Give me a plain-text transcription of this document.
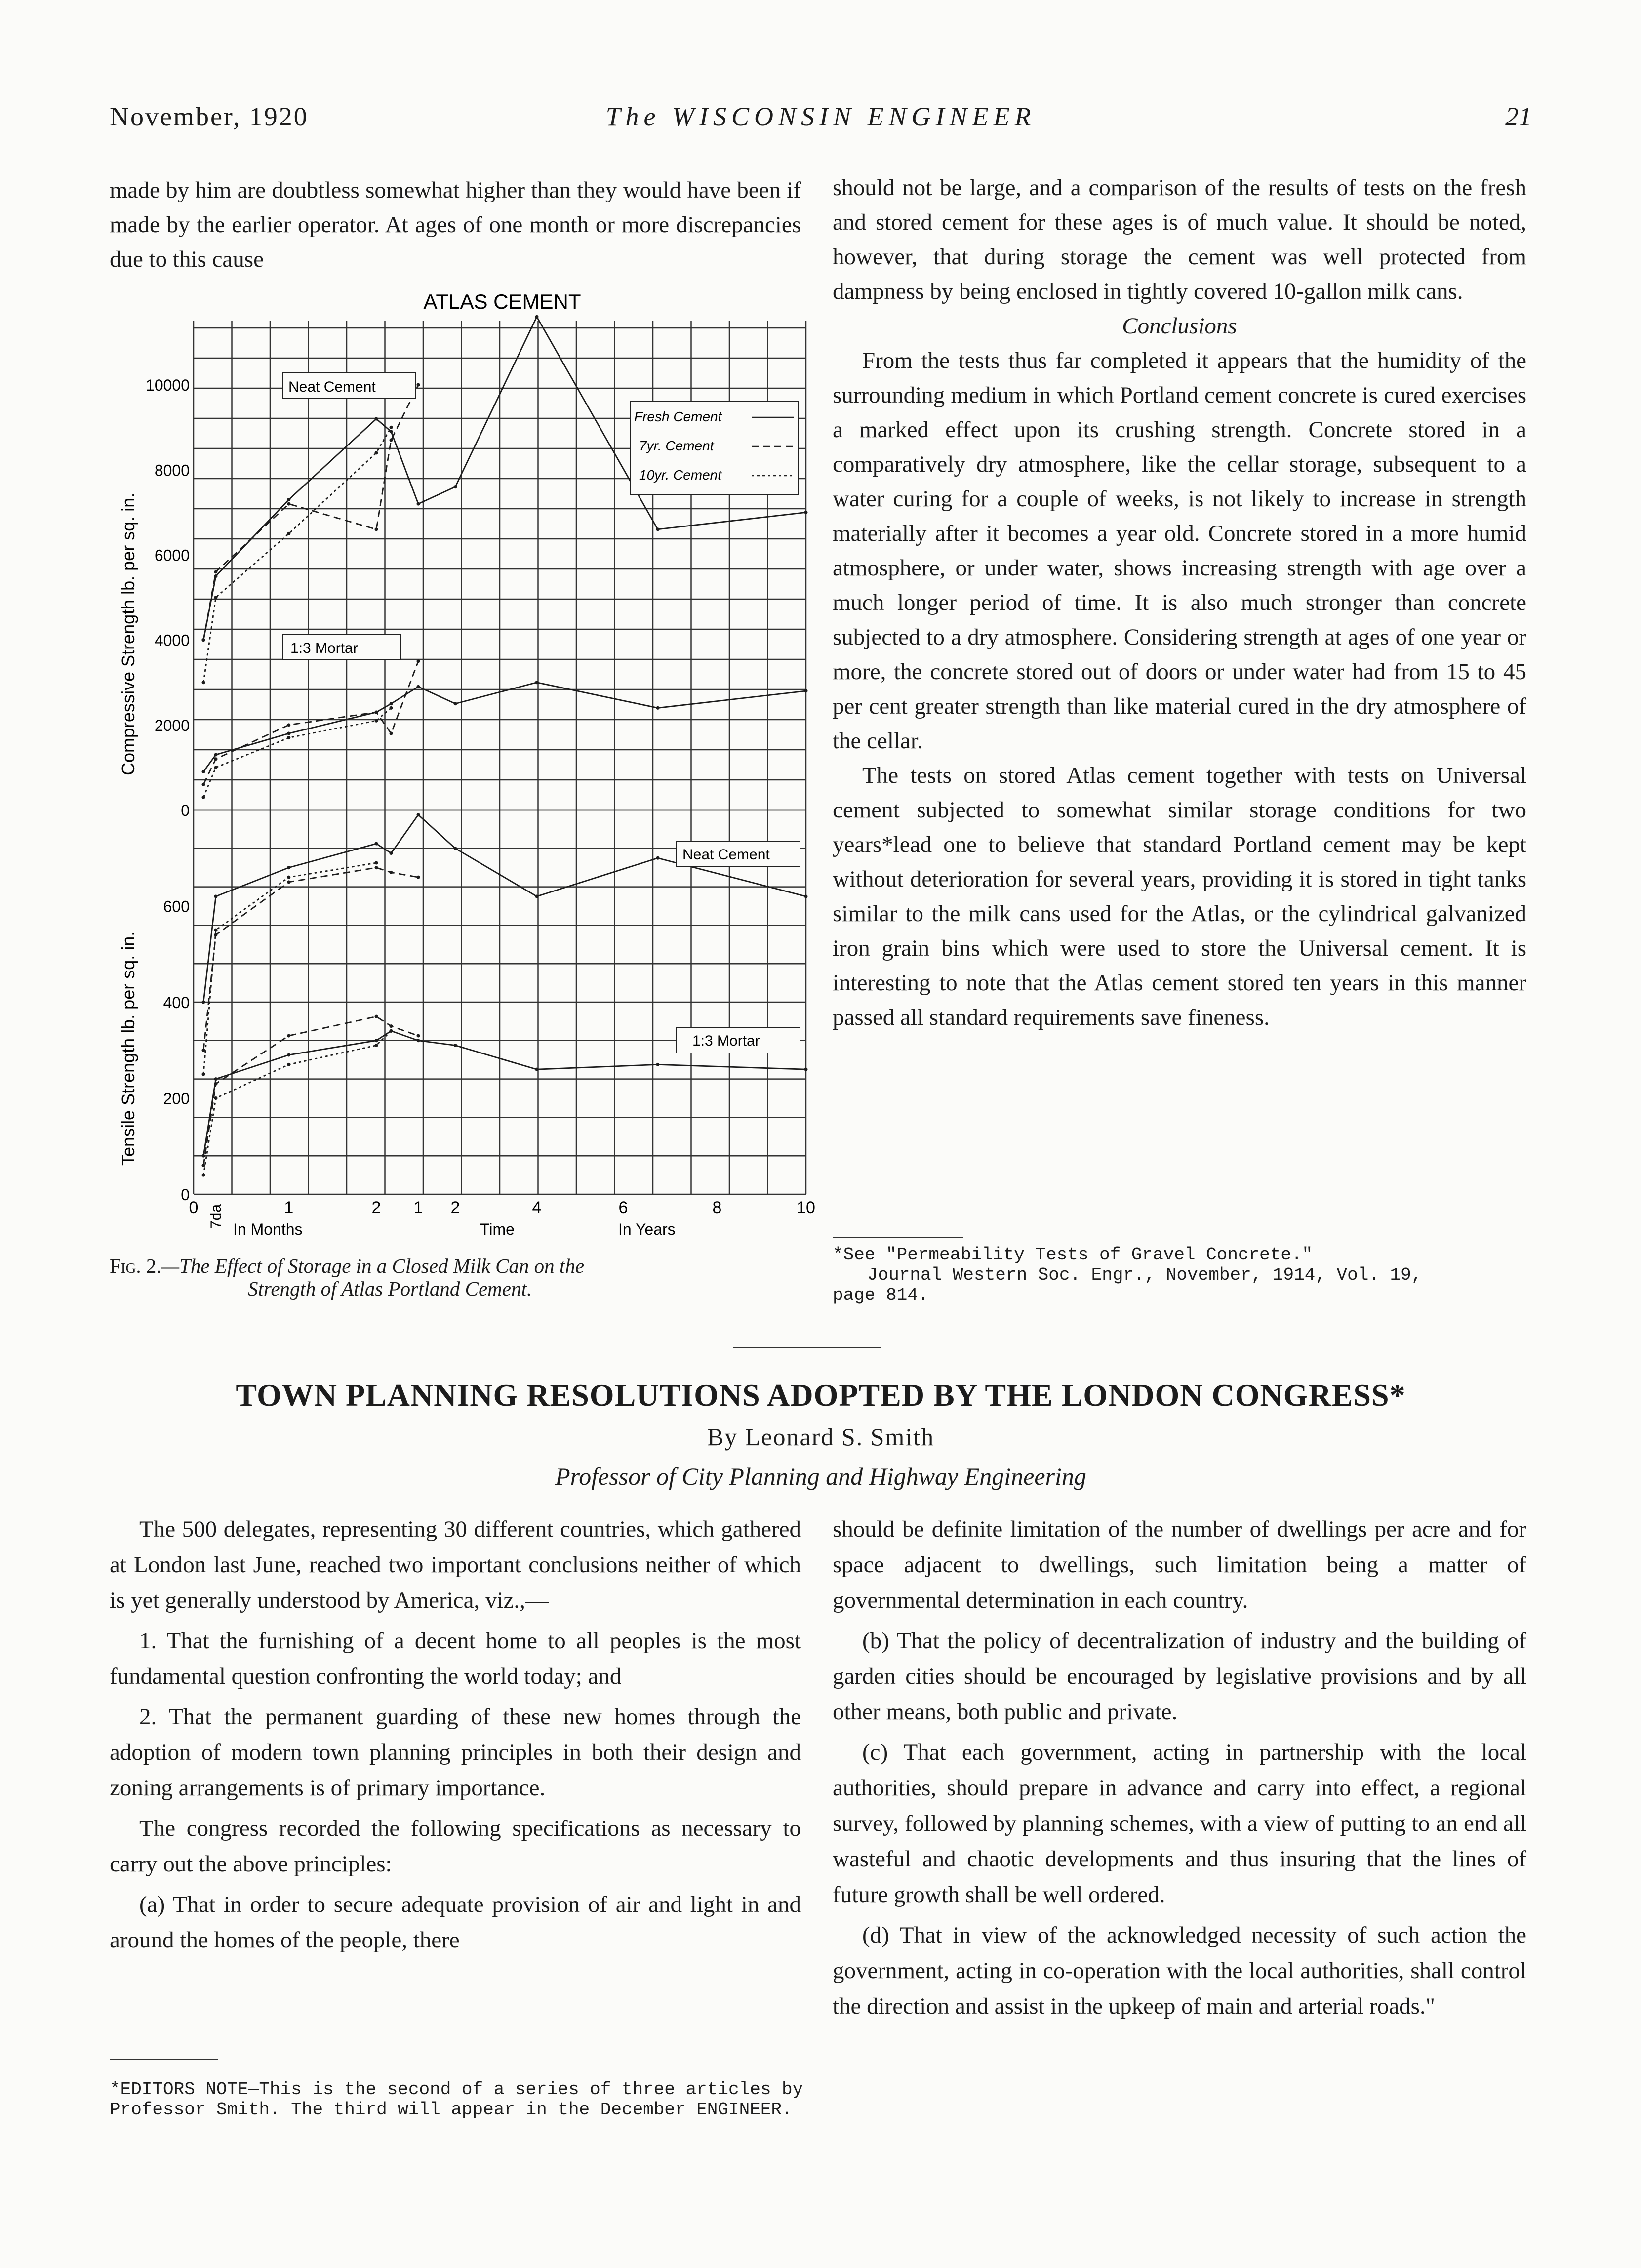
November, 1920	The WISCONSIN ENGINEER	21

made by him are doubtless somewhat higher than they would have been if made by the earlier operator. At ages of one month or more discrepancies due to this cause

ATLAS CEMENT
0
2000
4000
6000
8000
10000
0
200
400
600
0 7da	1	2 1 2	4	6	8	10
Neat Cement
1:3 Mortar
Neat Cement
1:3 Mortar
Fresh Cement
7yr. Cement
10yr. Cement
Compressive Strength lb. per sq. in.
Tensile Strength lb. per sq. in.
In Months	Time	In Years
Fig. 2.—The Effect of Storage in a Closed Milk Can on the
Strength of Atlas Portland Cement.

should not be large, and a comparison of the results of tests on the fresh and stored cement for these ages is of much value. It should be noted, however, that during storage the cement was well protected from dampness by being enclosed in tightly covered 10-gallon milk cans.

Conclusions

From the tests thus far completed it appears that the humidity of the surrounding medium in which Portland cement concrete is cured exercises a marked effect upon its crushing strength. Concrete stored in a comparatively dry atmosphere, like the cellar storage, subsequent to a water curing for a couple of weeks, is not likely to increase in strength materially after it becomes a year old. Concrete stored in a more humid atmosphere, or under water, shows increasing strength with age over a much longer period of time. It is also much stronger than concrete subjected to a dry atmosphere. Considering strength at ages of one year or more, the concrete stored out of doors or under water had from 15 to 45 per cent greater strength than like material cured in the dry atmosphere of the cellar.

The tests on stored Atlas cement together with tests on Universal cement subjected to somewhat similar storage conditions for two years*lead one to believe that standard Portland cement may be kept without deterioration for several years, providing it is stored in tight tanks similar to the milk cans used for the Atlas, or the cylindrical galvanized iron grain bins which were used to store the Universal cement. It is interesting to note that the Atlas cement stored ten years in this manner passed all standard requirements save fineness.

*See "Permeability Tests of Gravel Concrete."
Journal Western Soc. Engr., November, 1914, Vol. 19,
page 814.
TOWN PLANNING RESOLUTIONS ADOPTED BY THE LONDON CONGRESS*
By Leonard S. Smith
Professor of City Planning and Highway Engineering

The 500 delegates, representing 30 different countries, which gathered at London last June, reached two important conclusions neither of which is yet generally understood by America, viz.,—

1. That the furnishing of a decent home to all peoples is the most fundamental question confronting the world today; and

2. That the permanent guarding of these new homes through the adoption of modern town planning principles in both their design and zoning arrangements is of primary importance.

The congress recorded the following specifications as necessary to carry out the above principles:

(a) That in order to secure adequate provision of air and light in and around the homes of the people, there

should be definite limitation of the number of dwellings per acre and for space adjacent to dwellings, such limitation being a matter of governmental determination in each country.

(b) That the policy of decentralization of industry and the building of garden cities should be encouraged by legislative provisions and by all other means, both public and private.

(c) That each government, acting in partnership with the local authorities, should prepare in advance and carry into effect, a regional survey, followed by planning schemes, with a view of putting to an end all wasteful and chaotic developments and thus insuring that the lines of future growth shall be well ordered.

(d) That in view of the acknowledged necessity of such action the government, acting in co-operation with the local authorities, shall control the direction and assist in the upkeep of main and arterial roads."

*EDITORS NOTE—This is the second of a series of three articles by Professor Smith. The third will appear in the December ENGINEER.
